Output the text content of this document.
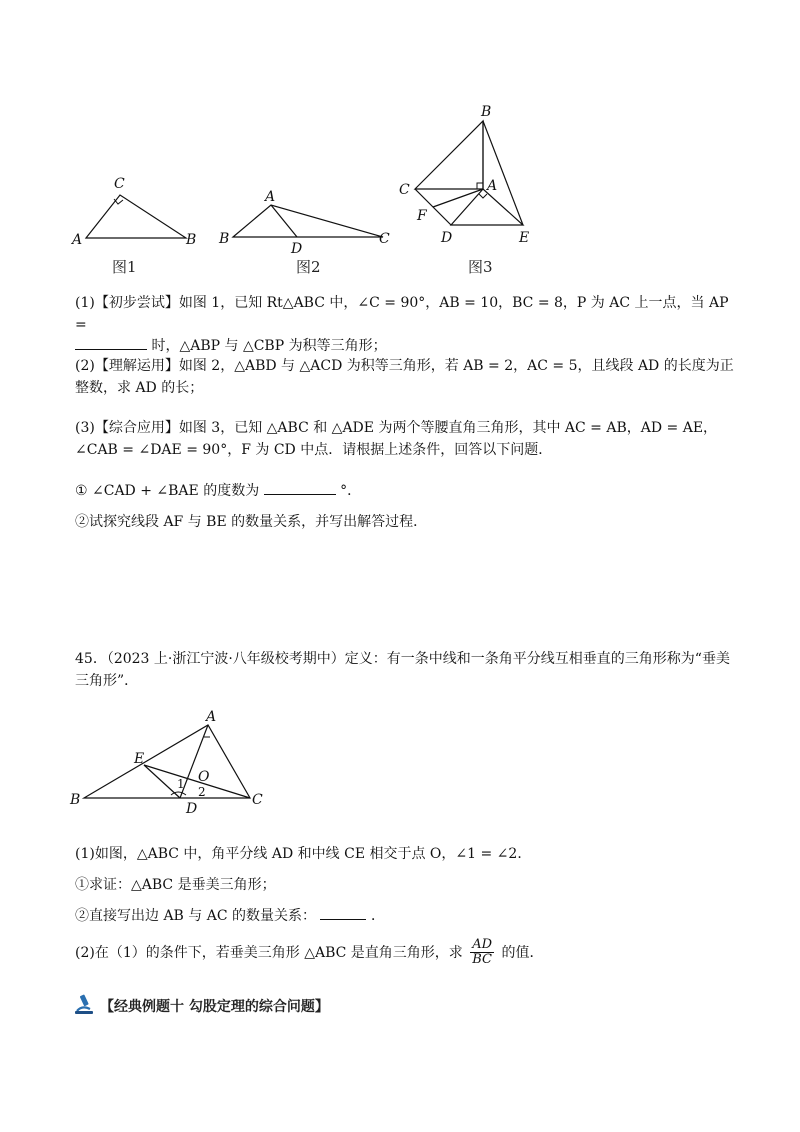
C
A	B
图1
A
B	C
D
图2
B
C	A
F
D	E
图3
(1)【初步尝试】如图 1，已知 Rt△ABC 中，∠C = 90°，AB = 10，BC = 8，P 为 AC 上一点，当 AP =
时，△ABP 与 △CBP 为积等三角形；
(2)【理解运用】如图 2，△ABD 与 △ACD 为积等三角形，若 AB = 2，AC = 5，且线段 AD 的长度为正整数，求 AD 的长；
(3)【综合应用】如图 3，已知 △ABC 和 △ADE 为两个等腰直角三角形，其中 AC = AB，AD = AE，∠CAB = ∠DAE = 90°，F 为 CD 中点．请根据上述条件，回答以下问题．
① ∠CAD + ∠BAE 的度数为	°．
②试探究线段 AF 与 BE 的数量关系，并写出解答过程．
45．（2023 上·浙江宁波·八年级校考期中）定义：有一条中线和一条角平分线互相垂直的三角形称为“垂美三角形”．
A
E
O
1
2
B
D
C
(1)如图，△ABC 中，角平分线 AD 和中线 CE 相交于点 O，∠1 = ∠2．
①求证：△ABC 是垂美三角形；
②直接写出边 AB 与 AC 的数量关系：	．
(2)在（1）的条件下，若垂美三角形 △ABC 是直角三角形，求 $\frac{AD}{BC}$ 的值．
【经典例题十 勾股定理的综合问题】
